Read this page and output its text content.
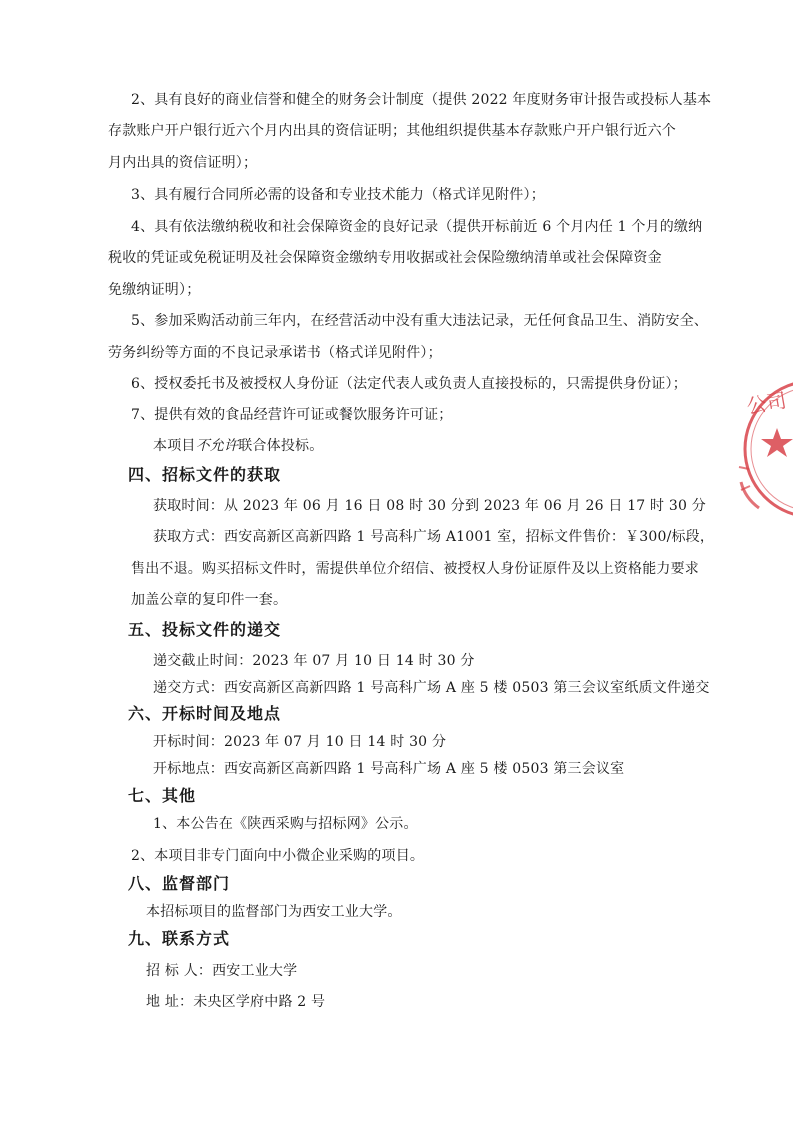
2、具有良好的商业信誉和健全的财务会计制度（提供 2022 年度财务审计报告或投标人基本
存款账户开户银行近六个月内出具的资信证明；其他组织提供基本存款账户开户银行近六个
月内出具的资信证明）；
3、具有履行合同所必需的设备和专业技术能力（格式详见附件）；
4、具有依法缴纳税收和社会保障资金的良好记录（提供开标前近 6 个月内任 1 个月的缴纳
税收的凭证或免税证明及社会保障资金缴纳专用收据或社会保险缴纳清单或社会保障资金
免缴纳证明）；
5、参加采购活动前三年内，在经营活动中没有重大违法记录，无任何食品卫生、消防安全、
劳务纠纷等方面的不良记录承诺书（格式详见附件）；
6、授权委托书及被授权人身份证（法定代表人或负责人直接投标的，只需提供身份证）；
7、提供有效的食品经营许可证或餐饮服务许可证；
本项目不允许联合体投标。
四、招标文件的获取
获取时间：从 2023 年 06 月 16 日 08 时 30 分到 2023 年 06 月 26 日 17 时 30 分
获取方式：西安高新区高新四路 1 号高科广场 A1001 室，招标文件售价：￥300/标段，
售出不退。购买招标文件时，需提供单位介绍信、被授权人身份证原件及以上资格能力要求
加盖公章的复印件一套。
五、投标文件的递交
递交截止时间：2023 年 07 月 10 日 14 时 30 分
递交方式：西安高新区高新四路 1 号高科广场 A 座 5 楼 0503 第三会议室纸质文件递交
六、开标时间及地点
开标时间：2023 年 07 月 10 日 14 时 30 分
开标地点：西安高新区高新四路 1 号高科广场 A 座 5 楼 0503 第三会议室
七、其他
1、本公告在《陕西采购与招标网》公示。
2、本项目非专门面向中小微企业采购的项目。
八、监督部门
本招标项目的监督部门为西安工业大学。
九、联系方式
招 标 人：西安工业大学
地 址：未央区学府中路 2 号
公司
